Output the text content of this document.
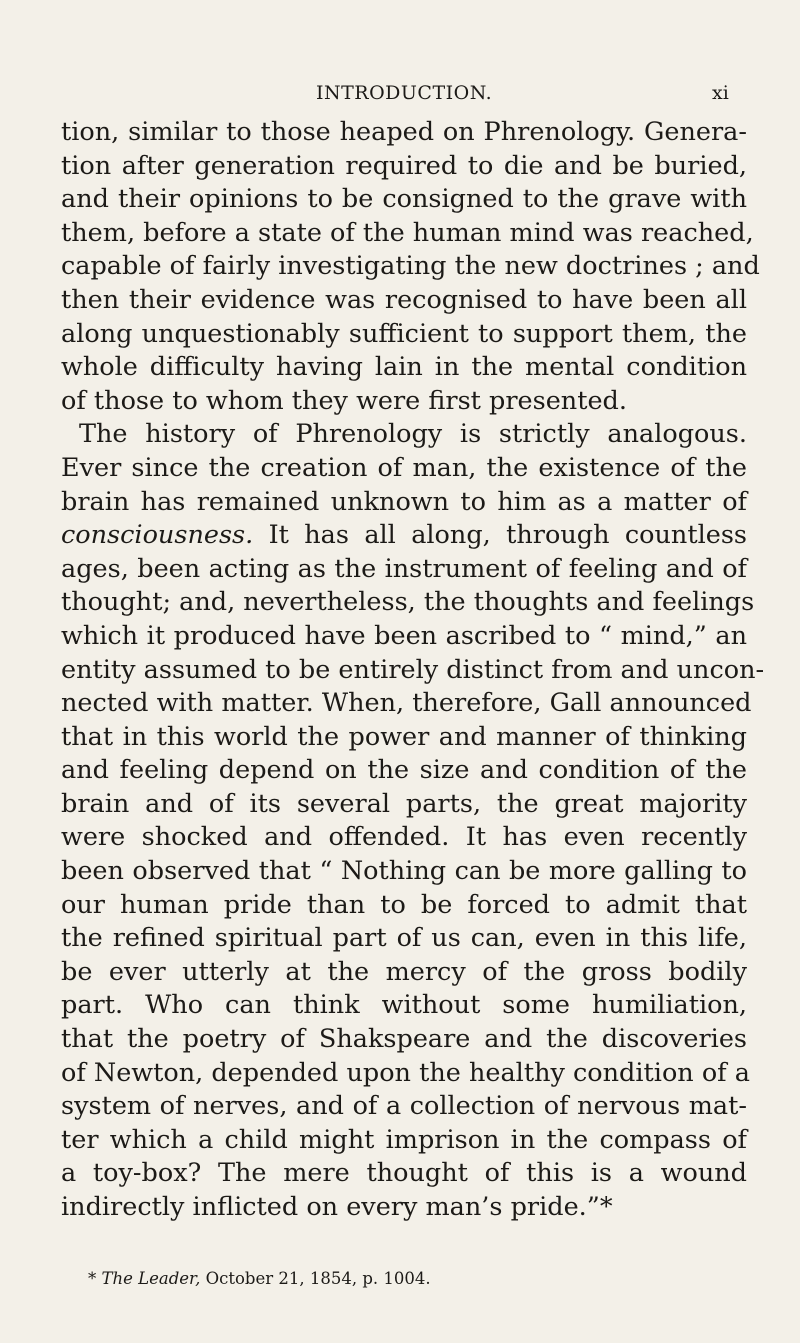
INTRODUCTION.	xi
tion, similar to those heaped on Phrenology. Genera-
tion after generation required to die and be buried,
and their opinions to be consigned to the grave with
them, before a state of the human mind was reached,
capable of fairly investigating the new doctrines ; and
then their evidence was recognised to have been all
along unquestionably sufficient to support them, the
whole difficulty having lain in the mental condition
of those to whom they were first presented.
The history of Phrenology is strictly analogous.
Ever since the creation of man, the existence of the
brain has remained unknown to him as a matter of
consciousness. It has all along, through countless
ages, been acting as the instrument of feeling and of
thought; and, nevertheless, the thoughts and feelings
which it produced have been ascribed to “ mind,” an
entity assumed to be entirely distinct from and uncon-
nected with matter. When, therefore, Gall announced
that in this world the power and manner of thinking
and feeling depend on the size and condition of the
brain and of its several parts, the great majority
were shocked and offended. It has even recently
been observed that “ Nothing can be more galling to
our human pride than to be forced to admit that
the refined spiritual part of us can, even in this life,
be ever utterly at the mercy of the gross bodily
part. Who can think without some humiliation,
that the poetry of Shakspeare and the discoveries
of Newton, depended upon the healthy condition of a
system of nerves, and of a collection of nervous mat-
ter which a child might imprison in the compass of
a toy-box? The mere thought of this is a wound
indirectly inflicted on every man’s pride.”*
* The Leader, October 21, 1854, p. 1004.
